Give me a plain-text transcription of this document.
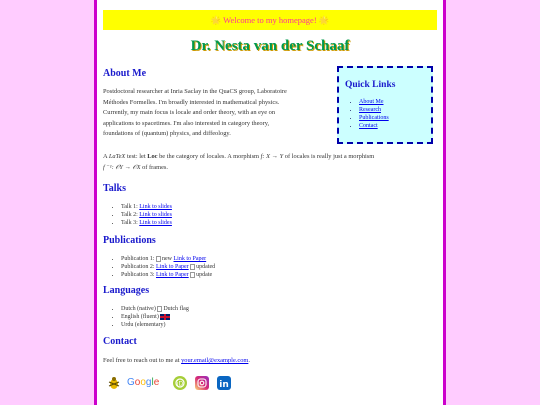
🌟 Welcome to my homepage! 🌟
Dr. Nesta van der Schaaf
About Me
Postdoctoral researcher at Inria Saclay in the QuaCS group, Laboratoire
Méthodes Formelles. I'm broadly interested in mathematical physics.
Currently, my main focus is locale and order theory, with an eye on
applications to spacetimes. I'm also interested in category theory,
foundations of (quantum) physics, and diffeology.
Quick Links
• About Me
• Research
• Publications
• Contact
A LaTeX test: let Loc be the category of locales. A morphism f: X → Y of locales is really just a morphism
f ⁻¹: 𝒪Y → 𝒪X of frames.
Talks
• Talk 1: Link to slides
• Talk 2: Link to slides
• Talk 3: Link to slides
Publications
• Publication 1: new Link to Paper
• Publication 2: Link to Paper updated
• Publication 3: Link to Paper update
Languages
• Dutch (native) Dutch flag
• English (fluent)
• Urdu (elementary)
Contact
Feel free to reach out to me at your.email@example.com.
Google	iD	in
